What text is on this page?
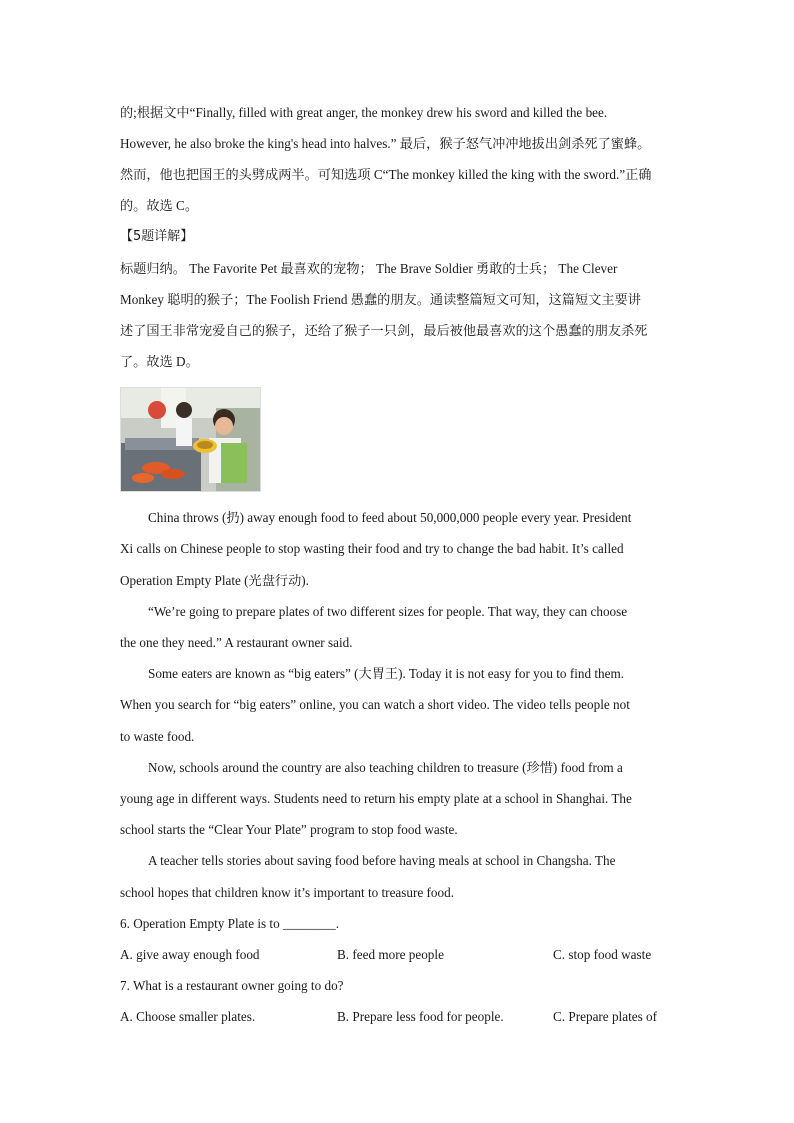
的;根据文中“Finally, filled with great anger, the monkey drew his sword and killed the bee.
However, he also broke the king's head into halves.” 最后，猴子怒气冲冲地拔出剑杀死了蜜蜂。
然而，他也把国王的头劈成两半。可知选项 C“The monkey killed the king with the sword.”正确
的。故选 C。
【5题详解】
标题归纳。 The Favorite Pet 最喜欢的宠物； The Brave Soldier 勇敢的士兵； The Clever
Monkey 聪明的猴子；The Foolish Friend 愚蠢的朋友。通读整篇短文可知，这篇短文主要讲
述了国王非常宠爱自己的猴子，还给了猴子一只剑，最后被他最喜欢的这个愚蠢的朋友杀死
了。故选 D。
China throws (扔) away enough food to feed about 50,000,000 people every year. President
Xi calls on Chinese people to stop wasting their food and try to change the bad habit. It’s called
Operation Empty Plate (光盘行动).
“We’re going to prepare plates of two different sizes for people. That way, they can choose
the one they need.” A restaurant owner said.
Some eaters are known as “big eaters” (大胃王). Today it is not easy for you to find them.
When you search for “big eaters” online, you can watch a short video. The video tells people not
to waste food.
Now, schools around the country are also teaching children to treasure (珍惜) food from a
young age in different ways. Students need to return his empty plate at a school in Shanghai. The
school starts the “Clear Your Plate” program to stop food waste.
A teacher tells stories about saving food before having meals at school in Changsha. The
school hopes that children know it’s important to treasure food.
6. Operation Empty Plate is to ________.
A. give away enough food	B. feed more people	C. stop food waste
7. What is a restaurant owner going to do?
A. Choose smaller plates.	B. Prepare less food for people.	C. Prepare plates of
